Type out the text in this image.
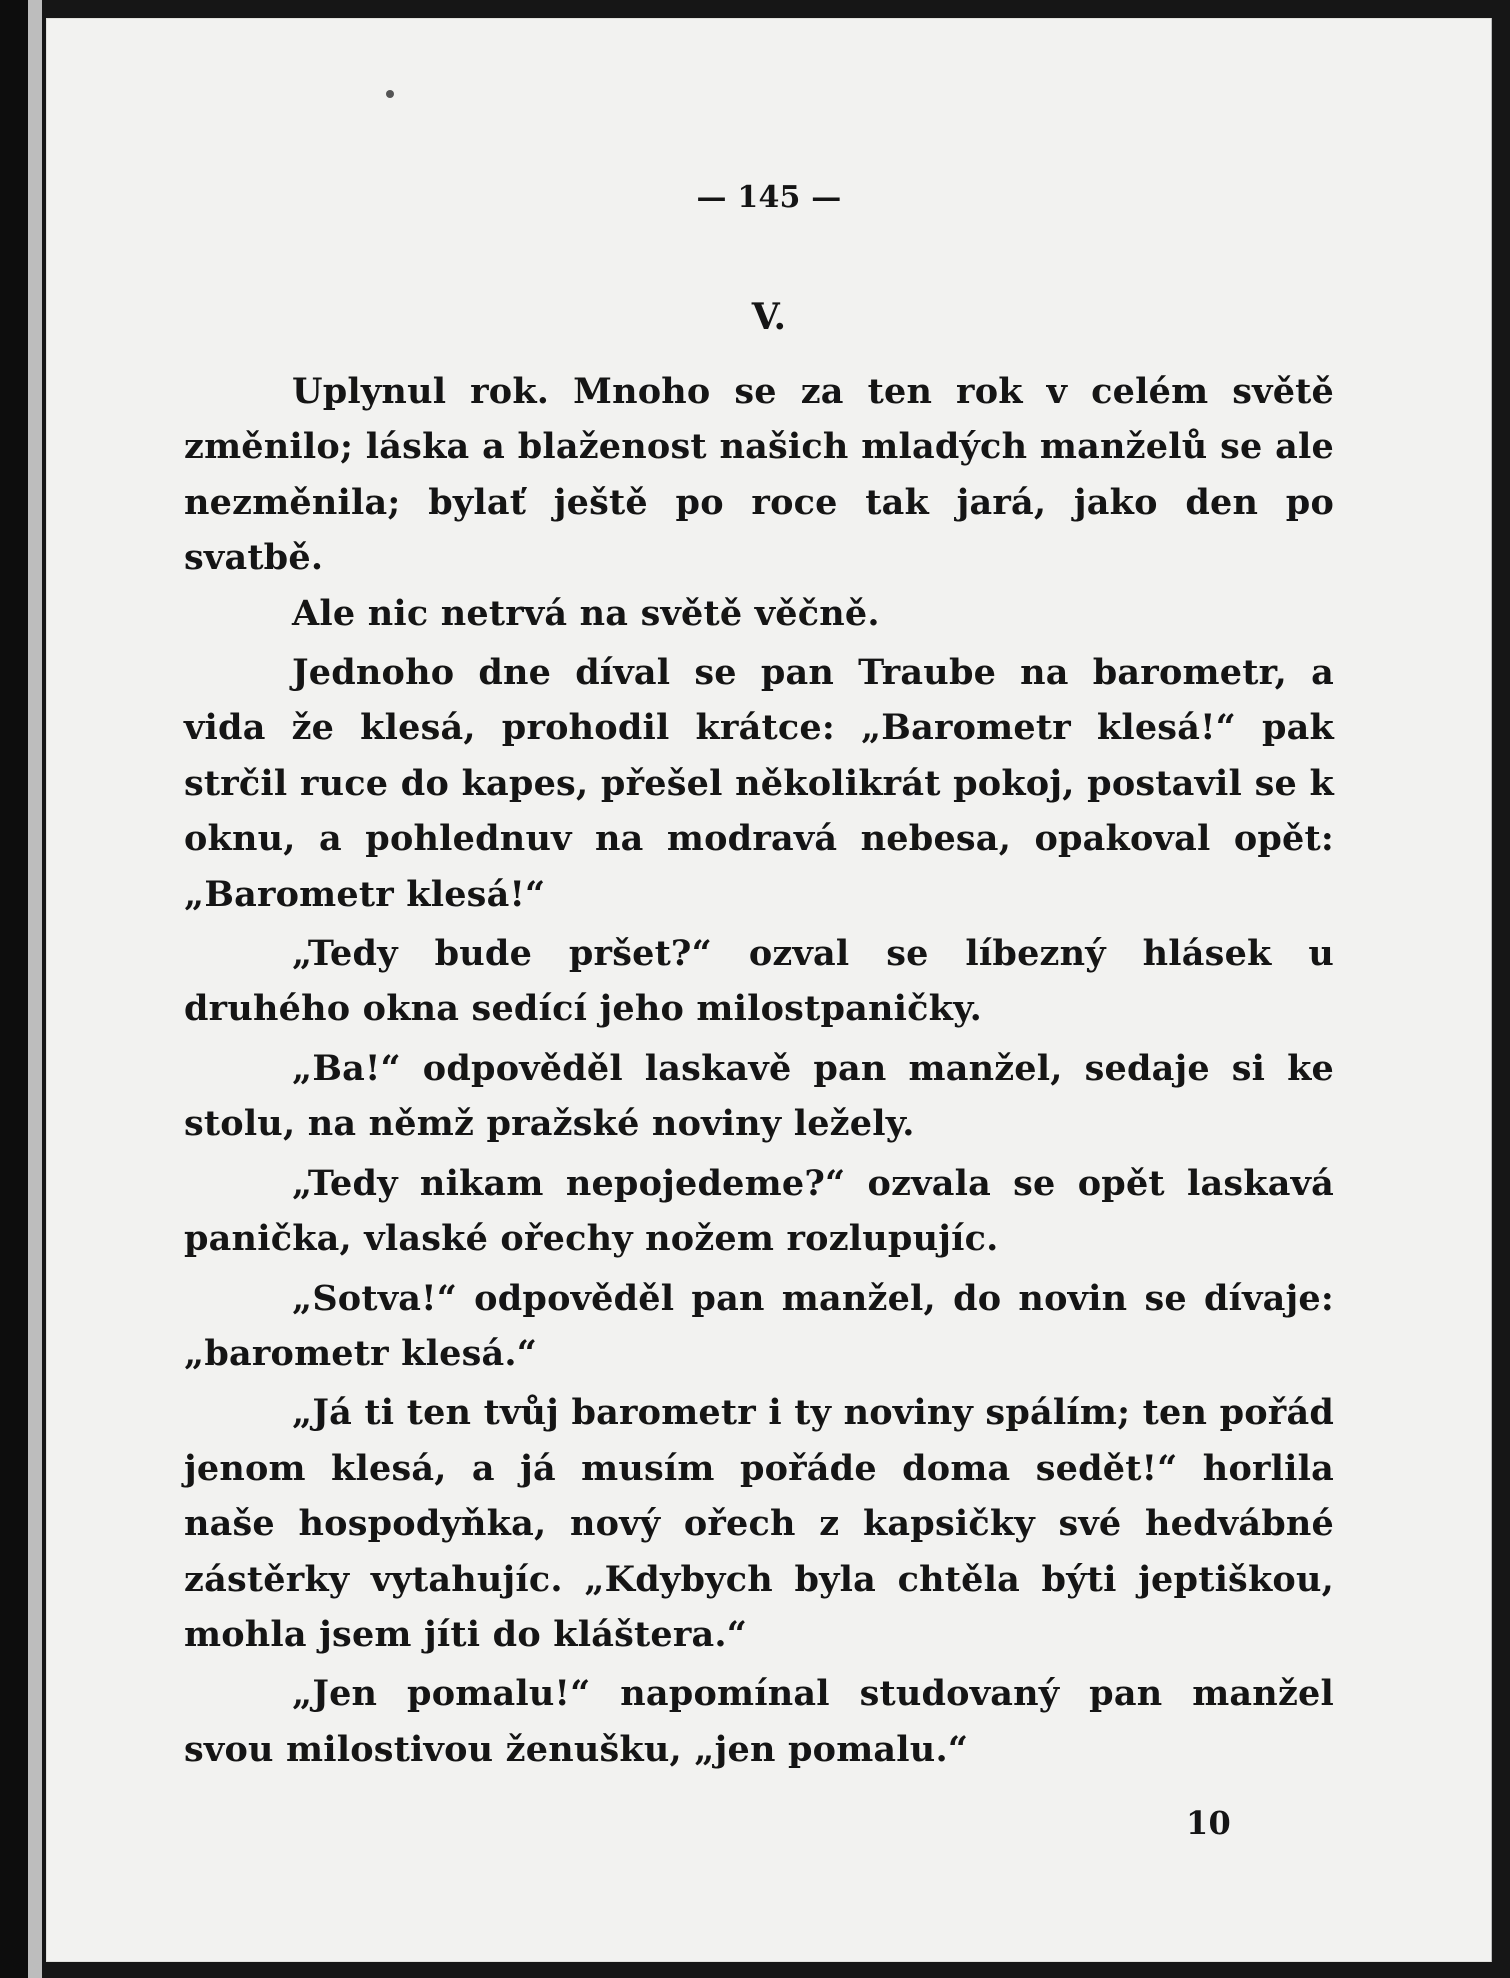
— 145 —
V.

Uplynul rok. Mnoho se za ten rok v celém světě změnilo; láska a blaženost našich mladých manželů se ale nezměnila; bylať ještě po roce tak jará, jako den po svatbě.

Ale nic netrvá na světě věčně.

Jednoho dne díval se pan Traube na barometr, a vida že klesá, prohodil krátce: „Barometr klesá!“ pak strčil ruce do kapes, přešel několikrát pokoj, postavil se k oknu, a pohlednuv na modravá nebesa, opakoval opět: „Barometr klesá!“

„Tedy bude pršet?“ ozval se líbezný hlásek u druhého okna sedící jeho milostpaničky.

„Ba!“ odpověděl laskavě pan manžel, sedaje si ke stolu, na němž pražské noviny ležely.

„Tedy nikam nepojedeme?“ ozvala se opět laskavá panička, vlaské ořechy nožem rozlupujíc.

„Sotva!“ odpověděl pan manžel, do novin se dívaje: „barometr klesá.“

„Já ti ten tvůj barometr i ty noviny spálím; ten pořád jenom klesá, a já musím pořáde doma sedět!“ horlila naše hospodyňka, nový ořech z kapsičky své hedvábné zástěrky vytahujíc. „Kdybych byla chtěla býti jeptiškou, mohla jsem jíti do kláštera.“

„Jen pomalu!“ napomínal studovaný pan manžel svou milostivou ženušku, „jen pomalu.“

10
